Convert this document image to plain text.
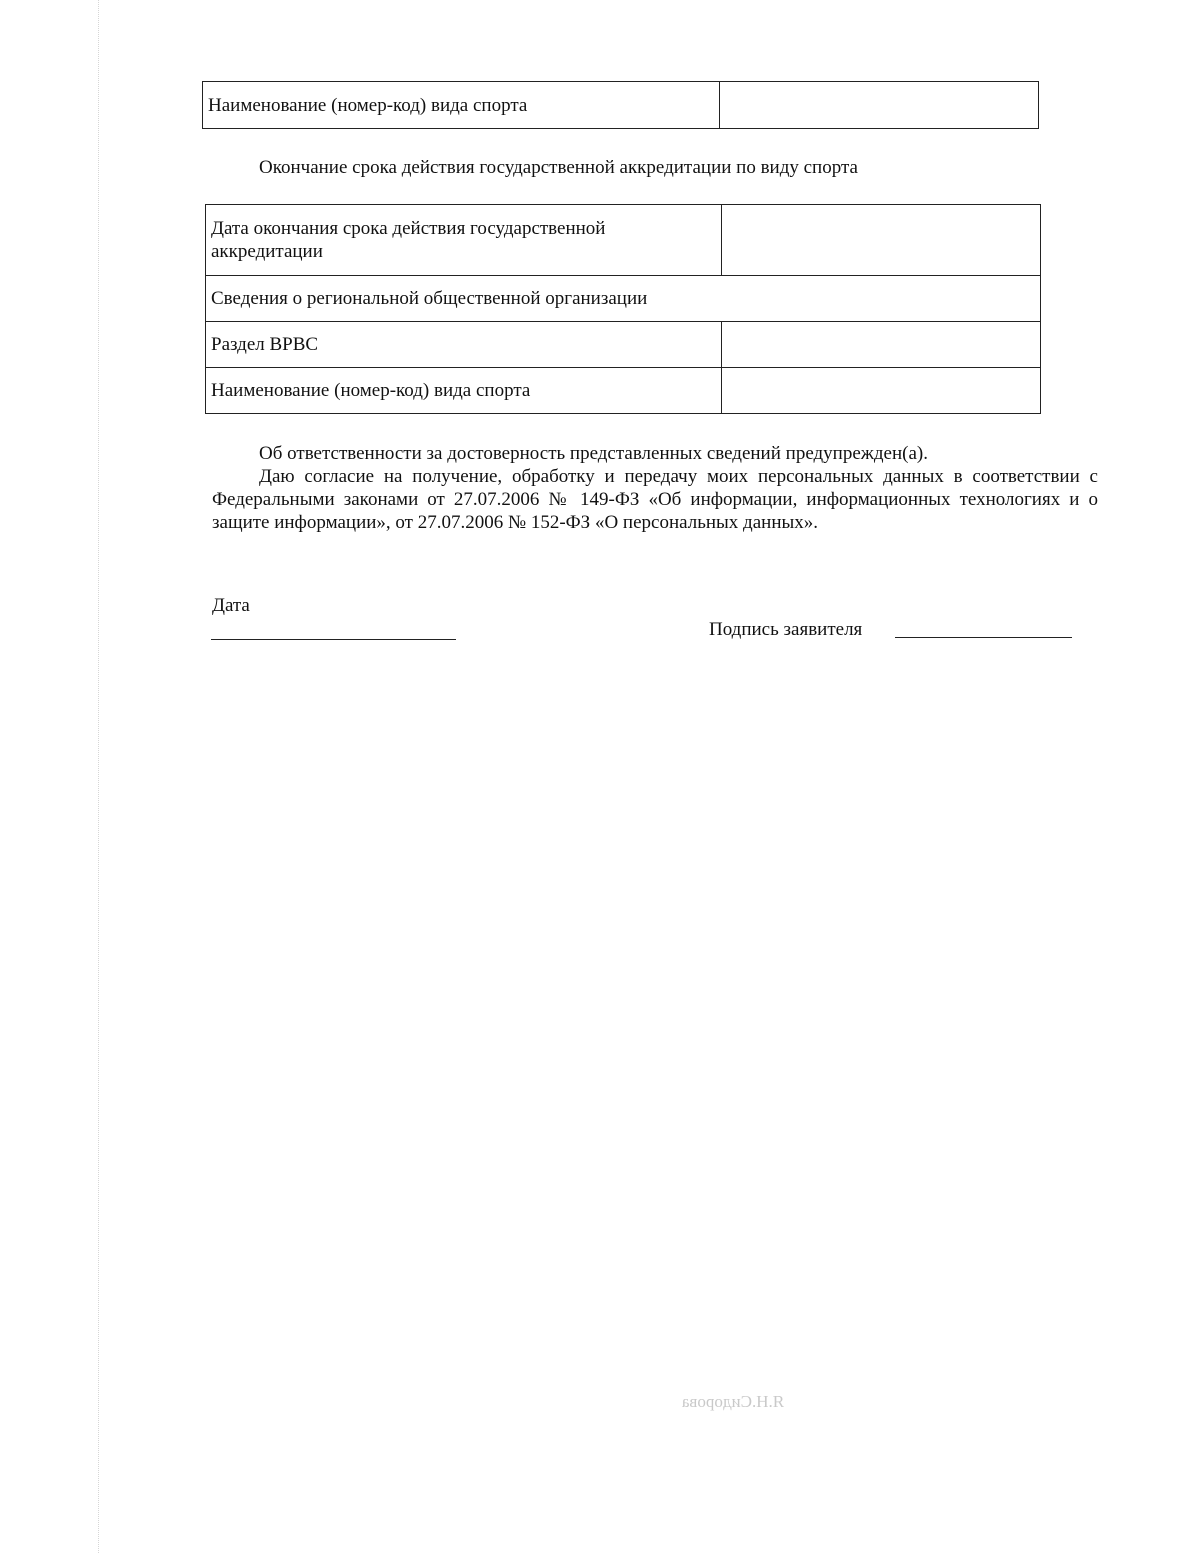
Наименование (номер-код) вида спорта	
Окончание срока действия государственной аккредитации по виду спорта
Дата окончания срока действия государственной аккредитации	
Сведения о региональной общественной организации	
Раздел ВРВС	
Наименование (номер-код) вида спорта	

Об ответственности за достоверность представленных сведений предупрежден(а).

Даю согласие на получение, обработку и передачу моих персональных данных в соответствии с Федеральными законами от 27.07.2006 № 149-ФЗ «Об информации, информационных технологиях и о защите информации», от 27.07.2006 № 152-ФЗ «О персональных данных».

Дата
Подпись заявителя
Я.Н.Сидорова
